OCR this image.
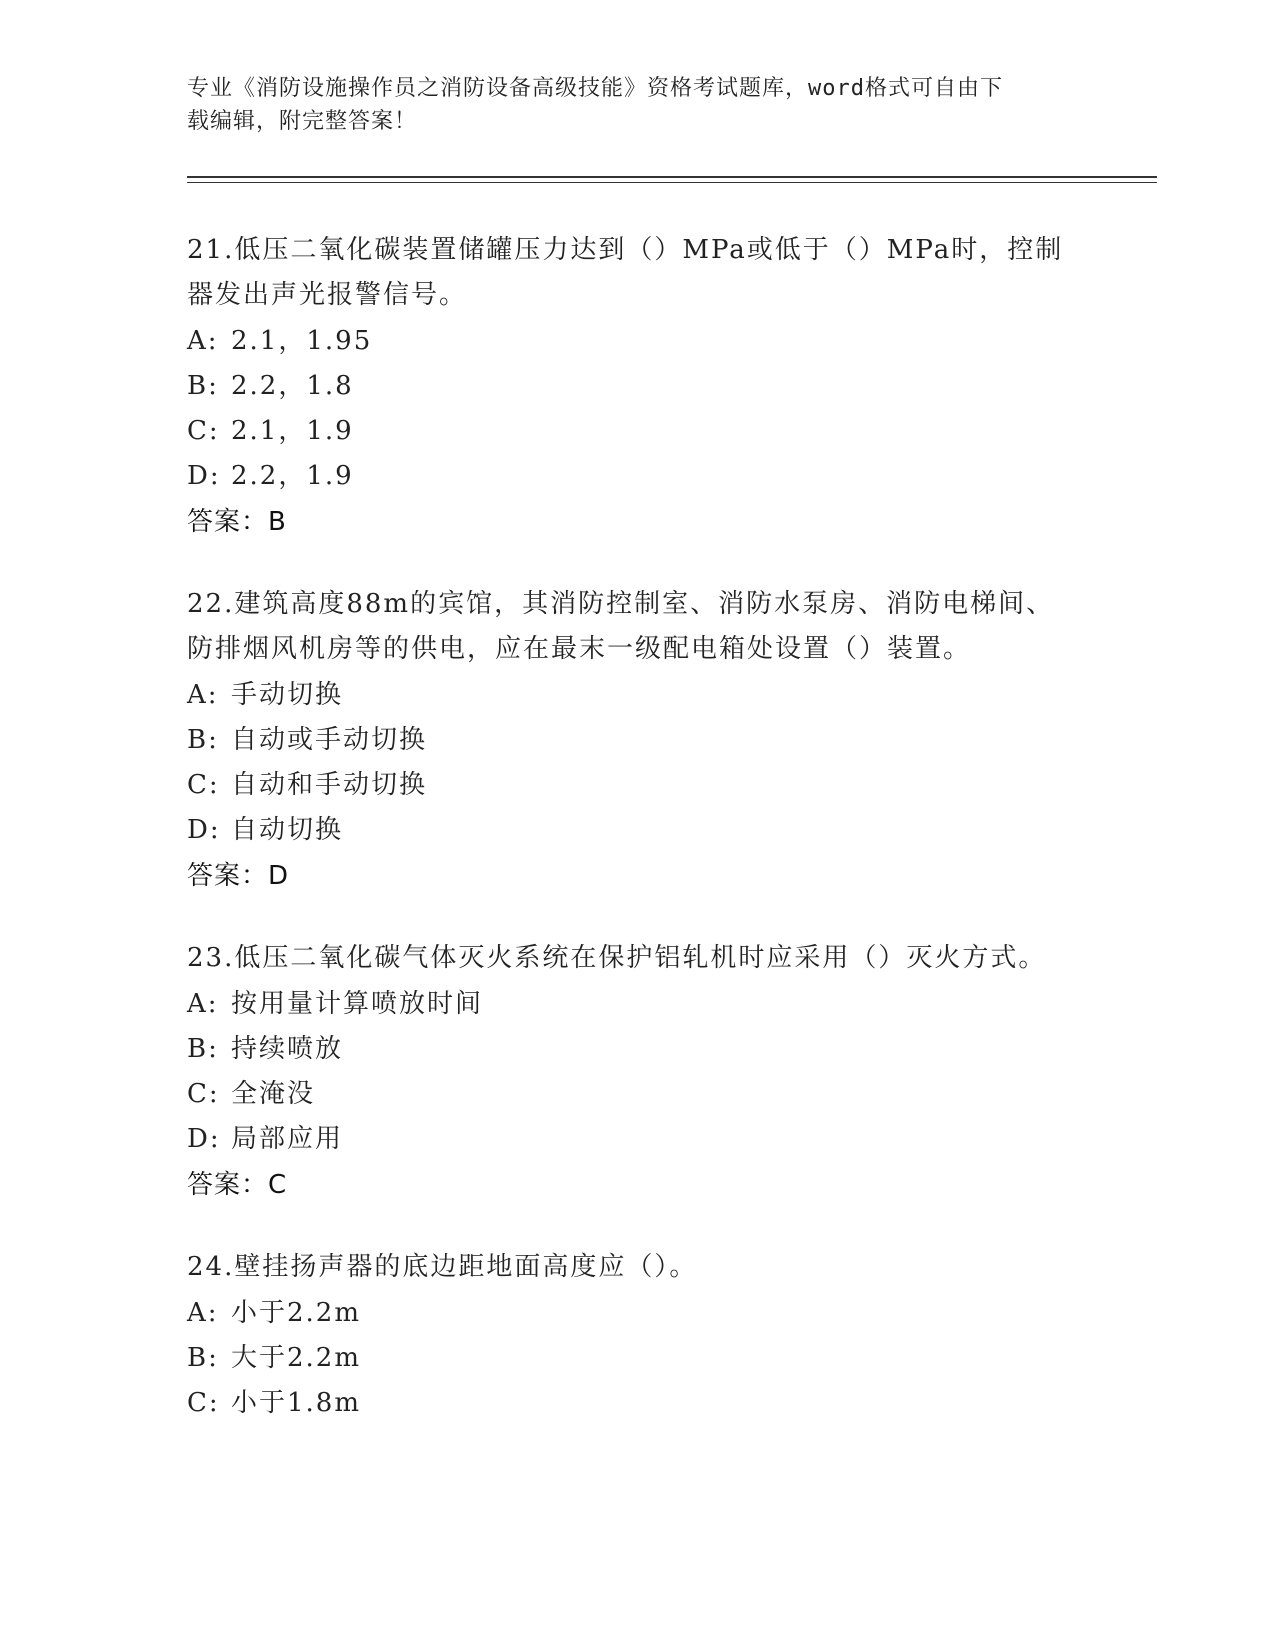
专业《消防设施操作员之消防设备高级技能》资格考试题库，word格式可自由下
载编辑，附完整答案！
21.低压二氧化碳装置储罐压力达到（）MPa或低于（）MPa时，控制
器发出声光报警信号。
A: 2.1，1.95
B: 2.2，1.8
C: 2.1，1.9
D: 2.2，1.9
答案：B
22.建筑高度88m的宾馆，其消防控制室、消防水泵房、消防电梯间、
防排烟风机房等的供电，应在最末一级配电箱处设置（）装置。
A: 手动切换
B: 自动或手动切换
C: 自动和手动切换
D: 自动切换
答案：D
23.低压二氧化碳气体灭火系统在保护铝轧机时应采用（）灭火方式。
A: 按用量计算喷放时间
B: 持续喷放
C: 全淹没
D: 局部应用
答案：C
24.壁挂扬声器的底边距地面高度应（）。
A: 小于2.2m
B: 大于2.2m
C: 小于1.8m
